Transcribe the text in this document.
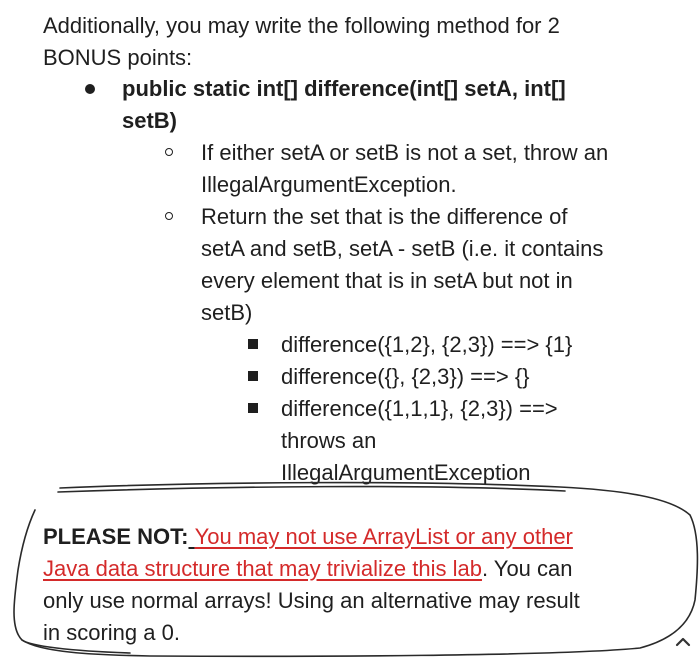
Additionally, you may write the following method for 2
BONUS points:
public static int[] difference(int[] setA, int[]
setB)
If either setA or setB is not a set, throw an
IllegalArgumentException.
Return the set that is the difference of
setA and setB, setA - setB (i.e. it contains
every element that is in setA but not in
setB)
difference({1,2}, {2,3}) ==> {1}
difference({}, {2,3}) ==> {}
difference({1,1,1}, {2,3}) ==>
throws an
IllegalArgumentException
PLEASE NOT: You may not use ArrayList or any other
Java data structure that may trivialize this lab. You can
only use normal arrays! Using an alternative may result
in scoring a 0.
